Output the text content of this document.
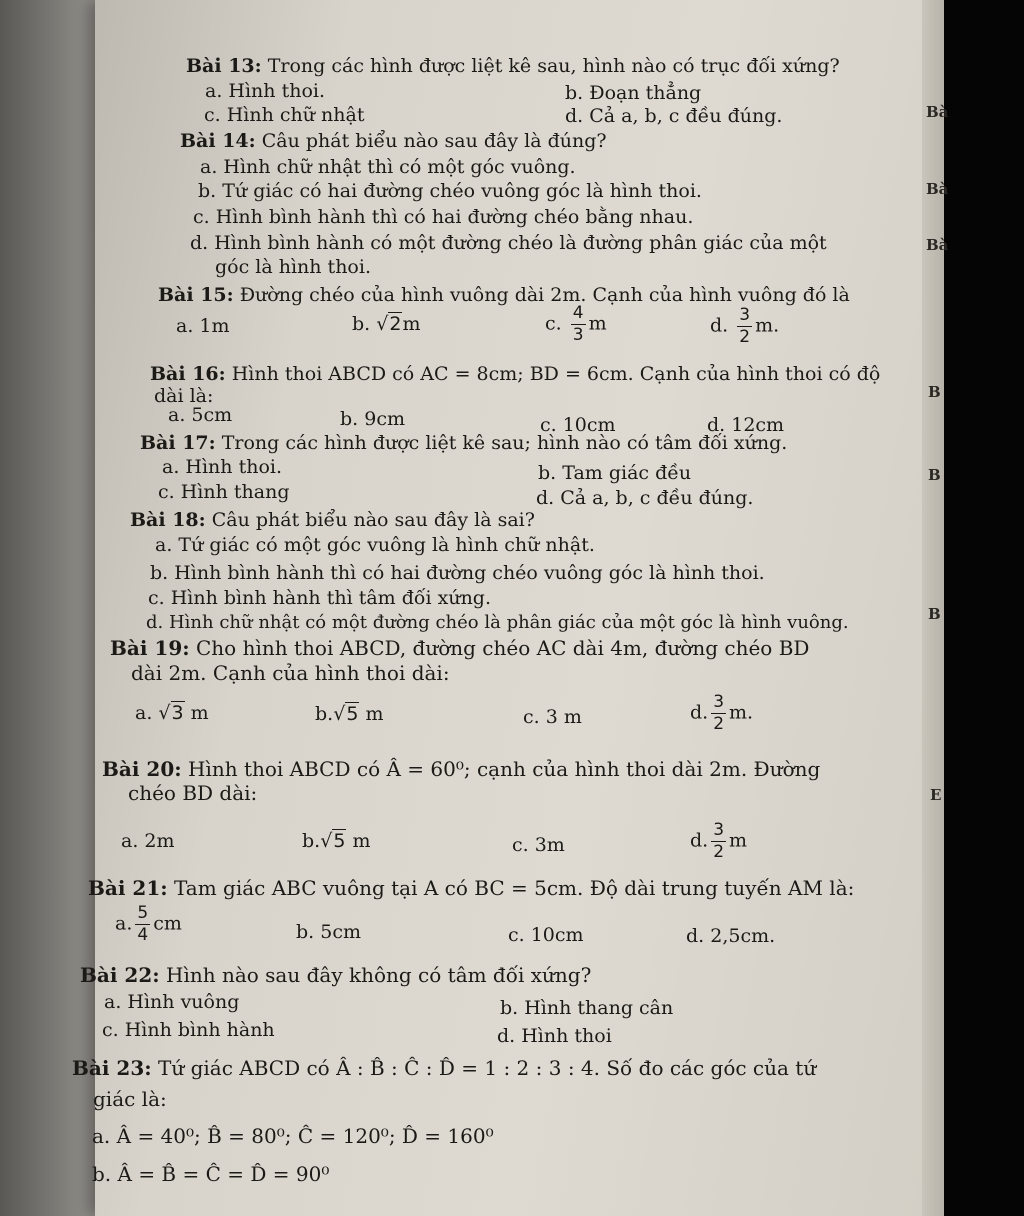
Bà
Bà
Bà
B
B
B
E
Bài 13: Trong các hình được liệt kê sau, hình nào có trục đối xứng?
a. Hình thoi.	b. Đoạn thẳng
c. Hình chữ nhật	d. Cả a, b, c đều đúng.
Bài 14: Câu phát biểu nào sau đây là đúng?
a. Hình chữ nhật thì có một góc vuông.
b. Tứ giác có hai đường chéo vuông góc là hình thoi.
c. Hình bình hành thì có hai đường chéo bằng nhau.
d. Hình bình hành có một đường chéo là đường phân giác của một
góc là hình thoi.
Bài 15: Đường chéo của hình vuông dài 2m. Cạnh của hình vuông đó là
a. 1m	b. √2m	c. $\frac{4}{3}$ m	d. $\frac{3}{2} m$.
Bài 16: Hình thoi ABCD có AC = 8cm; BD = 6cm. Cạnh của hình thoi có độ
dài là:
a. 5cm	b. 9cm	c. 10cm	d. 12cm
Bài 17: Trong các hình được liệt kê sau; hình nào có tâm đối xứng.
a. Hình thoi.	b. Tam giác đều
c. Hình thang	d. Cả a, b, c đều đúng.
Bài 18: Câu phát biểu nào sau đây là sai?
a. Tứ giác có một góc vuông là hình chữ nhật.
b. Hình bình hành thì có hai đường chéo vuông góc là hình thoi.
c. Hình bình hành thì tâm đối xứng.
d. Hình chữ nhật có một đường chéo là phân giác của một góc là hình vuông.
Bài 19: Cho hình thoi ABCD, đường chéo AC dài 4m, đường chéo BD
dài 2m. Cạnh của hình thoi dài:
a. √3 m	b.√5 m	c. 3 m	d. $\frac{3}{2} m$.
Bài 20: Hình thoi ABCD có Â = 60⁰; cạnh của hình thoi dài 2m. Đường
chéo BD dài:
a. 2m	b.√5 m	c. 3m	d. $\frac{3}{2}$ m
Bài 21: Tam giác ABC vuông tại A có BC = 5cm. Độ dài trung tuyến AM là:
a. $\frac{5}{4}$ cm	b. 5cm	c. 10cm	d. 2,5cm.
Bài 22: Hình nào sau đây không có tâm đối xứng?
a. Hình vuông	b. Hình thang cân
c. Hình bình hành	d. Hình thoi
Bài 23: Tứ giác ABCD có Â : B̂ : Ĉ : D̂ = 1 : 2 : 3 : 4. Số đo các góc của tứ
giác là:
a. Â = 40⁰; B̂ = 80⁰; Ĉ = 120⁰; D̂ = 160⁰
b. Â = B̂ = Ĉ = D̂ = 90⁰
